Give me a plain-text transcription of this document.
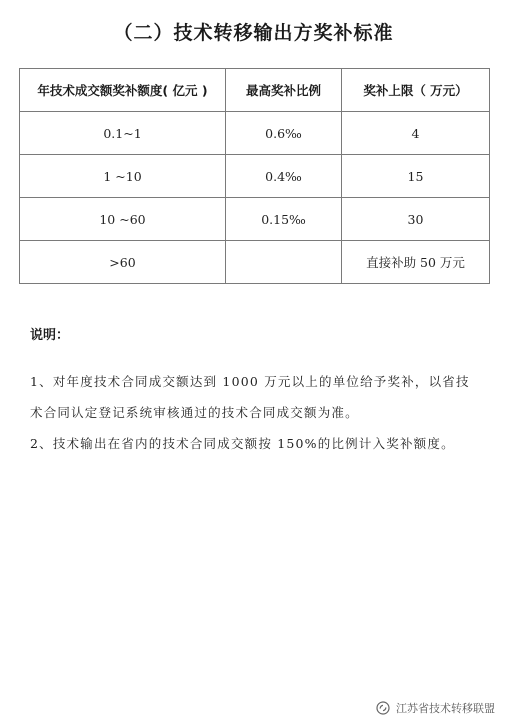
（二）技术转移输出方奖补标准
年技术成交额奖补额度( 亿元 )	最高奖补比例	奖补上限（ 万元）
0.1~1	0.6‰	4
1 ~10	0.4‰	15
10 ~60	0.15‰	30
>60		直接补助 50 万元
说明：

1、对年度技术合同成交额达到 1000 万元以上的单位给予奖补，以省技术合同认定登记系统审核通过的技术合同成交额为准。

2、技术输出在省内的技术合同成交额按 150%的比例计入奖补额度。

江苏省技术转移联盟
